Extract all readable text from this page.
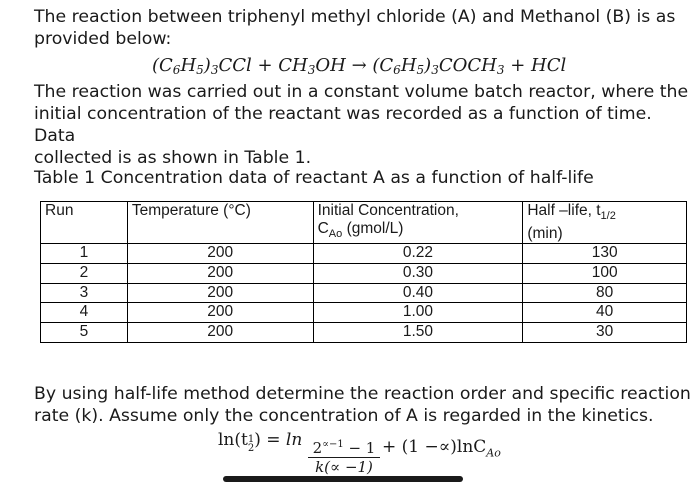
The reaction between triphenyl methyl chloride (A) and Methanol (B) is as
provided below:

$(C_6H_5)_3CCl + CH_3OH$ → $(C_6H_5)_3COCH_3$ + HCl

The reaction was carried out in a constant volume batch reactor, where the
initial concentration of the reactant was recorded as a function of time. Data
collected is as shown in Table 1.

Table 1 Concentration data of reactant A as a function of half-life

Run	Temperature (°C)	Initial Concentration,
$C_{Ao}$ (gmol/L)	Half –life, $t_{1/2}$
(min)
1	200	0.22	130
2	200	0.30	100
3	200	0.40	80
4	200	1.00	40
5	200	1.50	30

By using half-life method determine the reaction order and specific reaction
rate (k). Assume only the concentration of A is regarded in the kinetics.

ln(t1
$2) = \ln \frac{2^{\propto-1} - 1}{k(\propto -1)} + (1 -\propto)\ln C_{Ao}$
